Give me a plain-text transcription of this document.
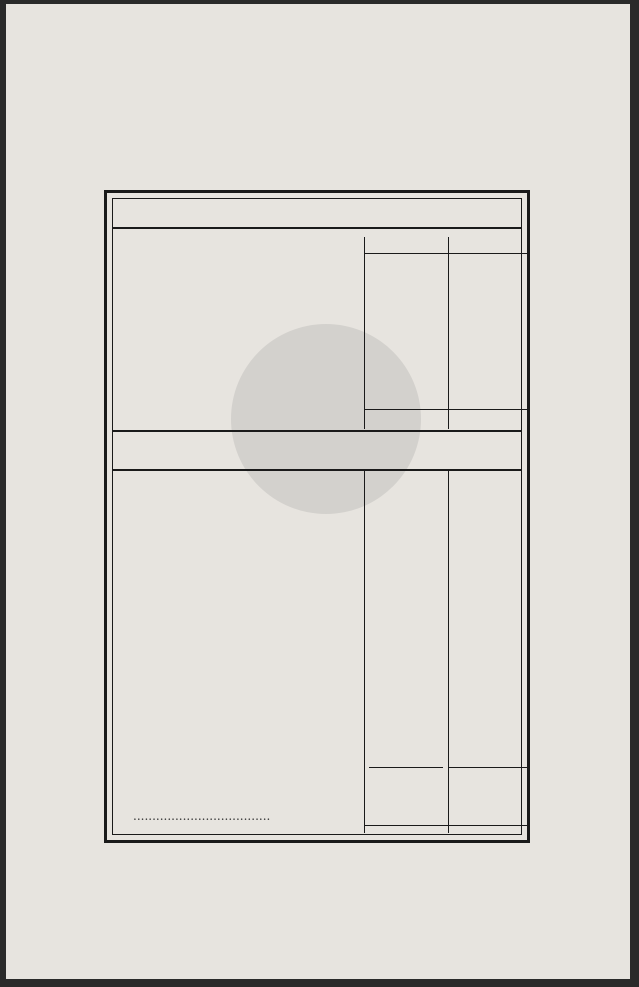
....................................
